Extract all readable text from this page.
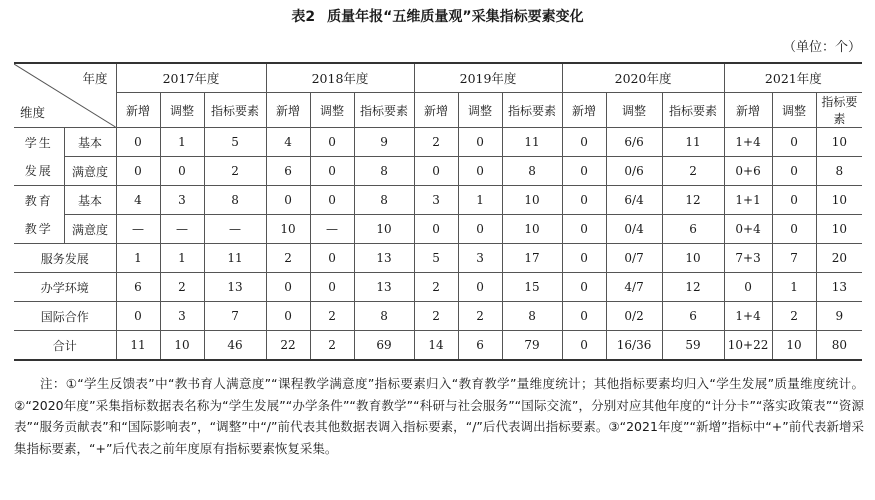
表2 质量年报“五维质量观”采集指标要素变化
（单位：个）
年度
维度		2017年度			2018年度			2019年度			2020年度			2021年度		
		新增	调整	指标要素	新增	调整	指标要素	新增	调整	指标要素	新增	调整	指标要素	新增	调整	指标要素
学生发展	基本	0	1	5	4	0	9	2	0	11	0	6/6	11	1+4	0	10
	满意度	0	0	2	6	0	8	0	0	8	0	0/6	2	0+6	0	8
教育教学	基本	4	3	8	0	0	8	3	1	10	0	6/4	12	1+1	0	10
	满意度	—	—	—	10	—	10	0	0	10	0	0/4	6	0+4	0	10
服务发展		1	1	11	2	0	13	5	3	17	0	0/7	10	7+3	7	20
办学环境		6	2	13	0	0	13	2	0	15	0	4/7	12	0	1	13
国际合作		0	3	7	0	2	8	2	2	8	0	0/2	6	1+4	2	9
合计		11	10	46	22	2	69	14	6	79	0	16/36	59	10+22	10	80
注：①“学生反馈表”中“教书育人满意度”“课程教学满意度”指标要素归入“教育教学”量维度统计；其他指标要素均归入“学生发展”质量维度统计。②“2020年度”采集指标数据表名称为“学生发展”“办学条件”“教育教学”“科研与社会服务”“国际交流”，分别对应其他年度的“计分卡”“落实政策表”“资源表”“服务贡献表”和“国际影响表”，“调整”中“/”前代表其他数据表调入指标要素，“/”后代表调出指标要素。③“2021年度”“新增”指标中“+”前代表新增采集指标要素，“+”后代表之前年度原有指标要素恢复采集。
